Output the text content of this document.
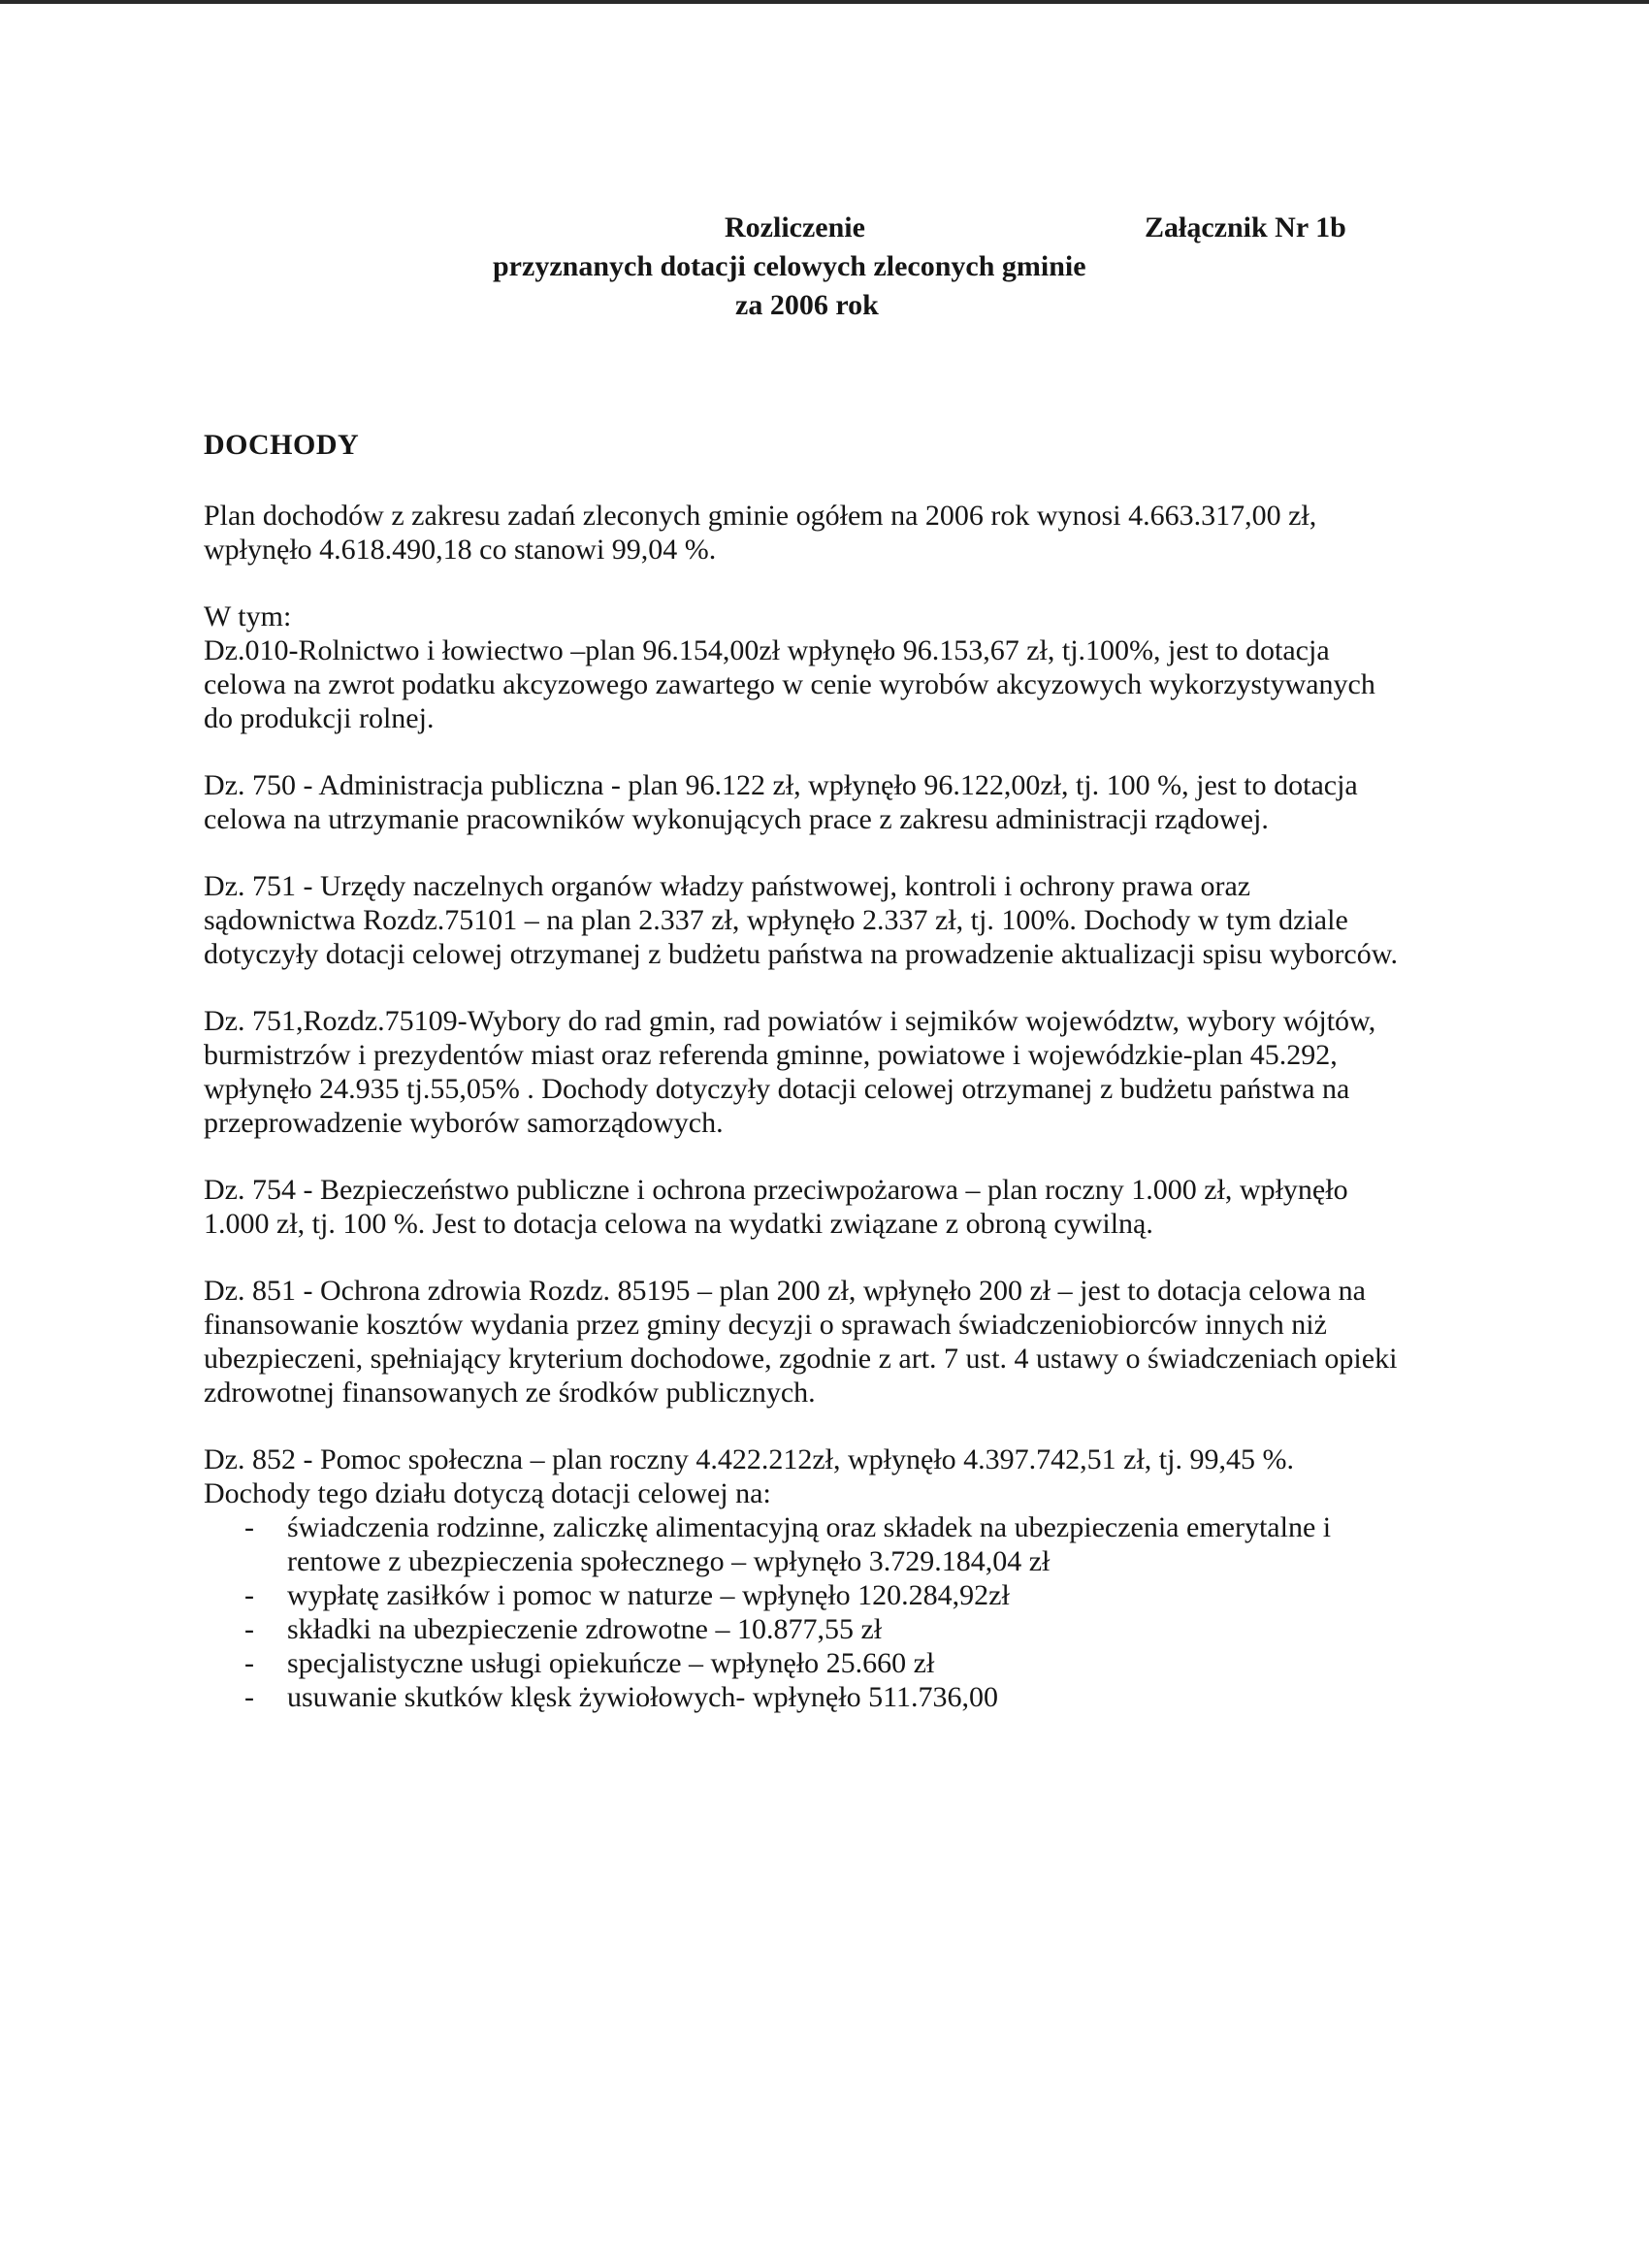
Rozliczenie	Załącznik Nr 1b
przyznanych dotacji celowych zleconych gminie
za 2006 rok
DOCHODY

Plan dochodów z zakresu zadań zleconych gminie ogółem na 2006 rok wynosi 4.663.317,00 zł, wpłynęło 4.618.490,18 co stanowi 99,04 %.

W tym:

Dz.010-Rolnictwo i łowiectwo –plan 96.154,00zł wpłynęło 96.153,67 zł, tj.100%, jest to dotacja celowa na zwrot podatku akcyzowego zawartego w cenie wyrobów akcyzowych wykorzystywanych do produkcji rolnej.

Dz. 750 - Administracja publiczna - plan 96.122 zł, wpłynęło 96.122,00zł, tj. 100 %, jest to dotacja celowa na utrzymanie pracowników wykonujących prace z zakresu administracji rządowej.

Dz. 751 - Urzędy naczelnych organów władzy państwowej, kontroli i ochrony prawa oraz sądownictwa Rozdz.75101 – na plan 2.337 zł, wpłynęło 2.337 zł, tj. 100%. Dochody w tym dziale dotyczyły dotacji celowej otrzymanej z budżetu państwa na prowadzenie aktualizacji spisu wyborców.

Dz. 751,Rozdz.75109-Wybory do rad gmin, rad powiatów i sejmików województw, wybory wójtów, burmistrzów i prezydentów miast oraz referenda gminne, powiatowe i wojewódzkie-plan 45.292, wpłynęło 24.935 tj.55,05% . Dochody dotyczyły dotacji celowej otrzymanej z budżetu państwa na przeprowadzenie wyborów samorządowych.

Dz. 754 - Bezpieczeństwo publiczne i ochrona przeciwpożarowa – plan roczny 1.000 zł, wpłynęło 1.000 zł, tj. 100 %. Jest to dotacja celowa na wydatki związane z obroną cywilną.

Dz. 851 - Ochrona zdrowia Rozdz. 85195 – plan 200 zł, wpłynęło 200 zł – jest to dotacja celowa na finansowanie kosztów wydania przez gminy decyzji o sprawach świadczeniobiorców innych niż ubezpieczeni, spełniający kryterium dochodowe, zgodnie z art. 7 ust. 4 ustawy o świadczeniach opieki zdrowotnej finansowanych ze środków publicznych.

Dz. 852 - Pomoc społeczna – plan roczny 4.422.212zł, wpłynęło 4.397.742,51 zł, tj. 99,45 %. Dochody tego działu dotyczą dotacji celowej na:

- świadczenia rodzinne, zaliczkę alimentacyjną oraz składek na ubezpieczenia emerytalne i rentowe z ubezpieczenia społecznego – wpłynęło 3.729.184,04 zł
- wypłatę zasiłków i pomoc w naturze – wpłynęło 120.284,92zł
- składki na ubezpieczenie zdrowotne – 10.877,55 zł
- specjalistyczne usługi opiekuńcze – wpłynęło 25.660 zł
- usuwanie skutków klęsk żywiołowych- wpłynęło 511.736,00
